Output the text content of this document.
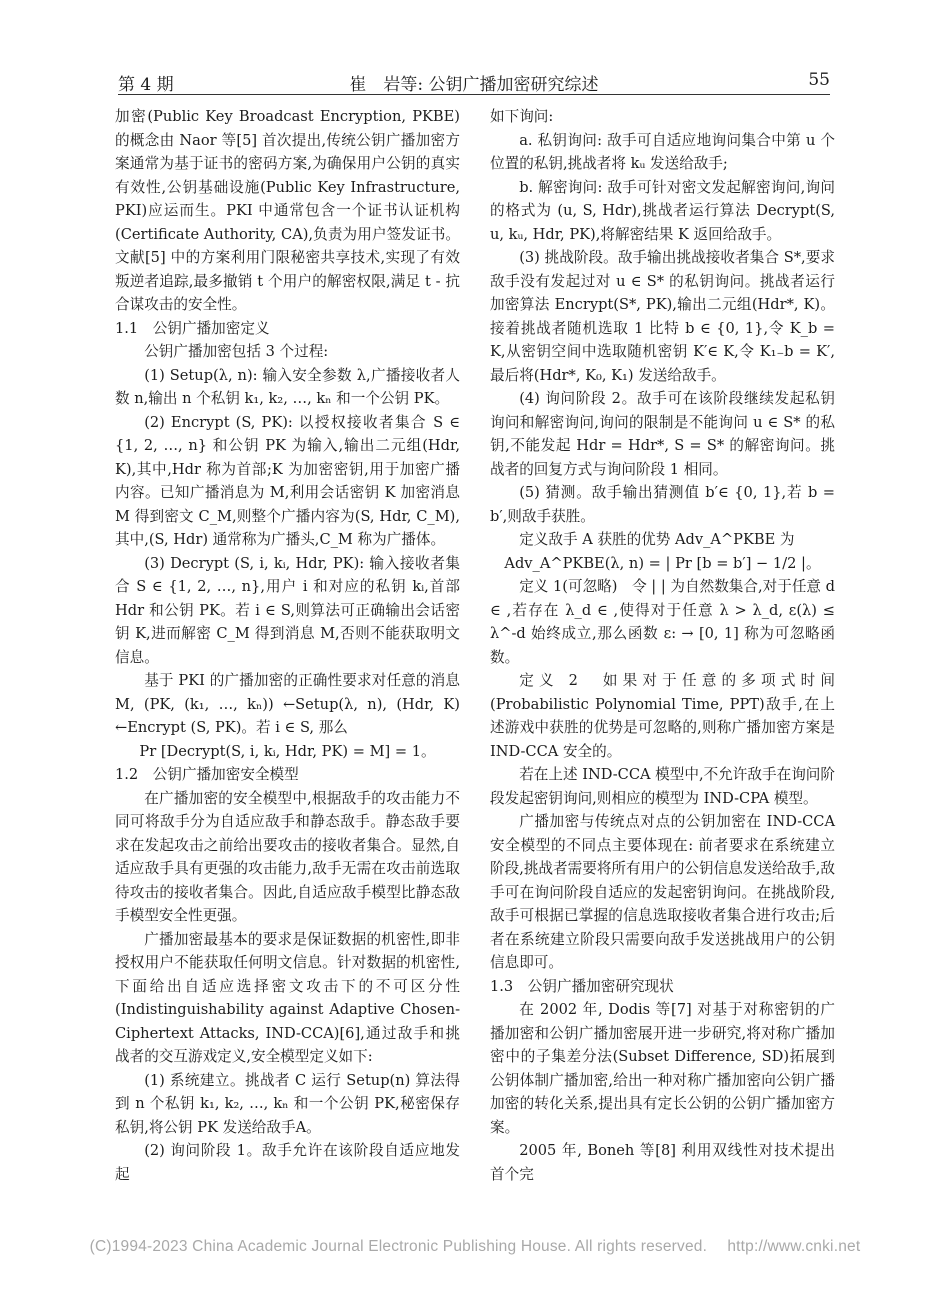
第 4 期	崔　岩等: 公钥广播加密研究综述	55

加密(Public Key Broadcast Encryption, PKBE)的概念由 Naor 等[5] 首次提出,传统公钥广播加密方案通常为基于证书的密码方案,为确保用户公钥的真实有效性,公钥基础设施(Public Key Infrastructure, PKI)应运而生。PKI 中通常包含一个证书认证机构(Certificate Authority, CA),负责为用户签发证书。文献[5] 中的方案利用门限秘密共享技术,实现了有效叛逆者追踪,最多撤销 t 个用户的解密权限,满足 t - 抗合谋攻击的安全性。

1.1　公钥广播加密定义

公钥广播加密包括 3 个过程:

(1) Setup(λ, n): 输入安全参数 λ,广播接收者人数 n,输出 n 个私钥 k₁, k₂, …, kₙ 和一个公钥 PK。

(2) Encrypt (S, PK): 以授权接收者集合 S ∈ {1, 2, …, n} 和公钥 PK 为输入,输出二元组(Hdr, K),其中,Hdr 称为首部;K 为加密密钥,用于加密广播内容。已知广播消息为 M,利用会话密钥 K 加密消息 M 得到密文 C_M,则整个广播内容为(S, Hdr, C_M),其中,(S, Hdr) 通常称为广播头,C_M 称为广播体。

(3) Decrypt (S, i, kᵢ, Hdr, PK): 输入接收者集合 S ∈ {1, 2, …, n},用户 i 和对应的私钥 kᵢ,首部 Hdr 和公钥 PK。若 i ∈ S,则算法可正确输出会话密钥 K,进而解密 C_M 得到消息 M,否则不能获取明文信息。

基于 PKI 的广播加密的正确性要求对任意的消息 M, (PK, (k₁, …, kₙ)) ←Setup(λ, n), (Hdr, K) ←Encrypt (S, PK)。若 i ∈ S, 那么

Pr [Decrypt(S, i, kᵢ, Hdr, PK) = M] = 1。

1.2　公钥广播加密安全模型

在广播加密的安全模型中,根据敌手的攻击能力不同可将敌手分为自适应敌手和静态敌手。静态敌手要求在发起攻击之前给出要攻击的接收者集合。显然,自适应敌手具有更强的攻击能力,敌手无需在攻击前选取待攻击的接收者集合。因此,自适应敌手模型比静态敌手模型安全性更强。

广播加密最基本的要求是保证数据的机密性,即非授权用户不能获取任何明文信息。针对数据的机密性,下面给出自适应选择密文攻击下的不可区分性(Indistinguishability against Adaptive Chosen-Ciphertext Attacks, IND-CCA)[6],通过敌手和挑战者的交互游戏定义,安全模型定义如下:

(1) 系统建立。挑战者 C 运行 Setup(n) 算法得到 n 个私钥 k₁, k₂, …, kₙ 和一个公钥 PK,秘密保存私钥,将公钥 PK 发送给敌手A。

(2) 询问阶段 1。敌手允许在该阶段自适应地发起

如下询问:

a. 私钥询问: 敌手可自适应地询问集合中第 u 个位置的私钥,挑战者将 kᵤ 发送给敌手;

b. 解密询问: 敌手可针对密文发起解密询问,询问的格式为 (u, S, Hdr),挑战者运行算法 Decrypt(S, u, kᵤ, Hdr, PK),将解密结果 K 返回给敌手。

(3) 挑战阶段。敌手输出挑战接收者集合 S*,要求敌手没有发起过对 u ∈ S* 的私钥询问。挑战者运行加密算法 Encrypt(S*, PK),输出二元组(Hdr*, K)。接着挑战者随机选取 1 比特 b ∈ {0, 1},令 K_b = K,从密钥空间中选取随机密钥 K′∈ K,令 K₁₋b = K′,最后将(Hdr*, K₀, K₁) 发送给敌手。

(4) 询问阶段 2。敌手可在该阶段继续发起私钥询问和解密询问,询问的限制是不能询问 u ∈ S* 的私钥,不能发起 Hdr = Hdr*, S = S* 的解密询问。挑战者的回复方式与询问阶段 1 相同。

(5) 猜测。敌手输出猜测值 b′∈ {0, 1},若 b = b′,则敌手获胜。

定义敌手 A 获胜的优势 Adv_A^PKBE 为

Adv_A^PKBE(λ, n) = | Pr [b = b′] − 1/2 |。

定义 1(可忽略)　令 | | 为自然数集合,对于任意 d ∈ ,若存在 λ_d ∈ ,使得对于任意 λ > λ_d, ε(λ) ≤ λ^-d 始终成立,那么函数 ε: → [0, 1] 称为可忽略函数。

定义 2　如果对于任意的多项式时间(Probabilistic Polynomial Time, PPT)敌手,在上述游戏中获胜的优势是可忽略的,则称广播加密方案是 IND-CCA 安全的。

若在上述 IND-CCA 模型中,不允许敌手在询问阶段发起密钥询问,则相应的模型为 IND-CPA 模型。

广播加密与传统点对点的公钥加密在 IND-CCA 安全模型的不同点主要体现在: 前者要求在系统建立阶段,挑战者需要将所有用户的公钥信息发送给敌手,敌手可在询问阶段自适应的发起密钥询问。在挑战阶段,敌手可根据已掌握的信息选取接收者集合进行攻击;后者在系统建立阶段只需要向敌手发送挑战用户的公钥信息即可。

1.3　公钥广播加密研究现状

在 2002 年, Dodis 等[7] 对基于对称密钥的广播加密和公钥广播加密展开进一步研究,将对称广播加密中的子集差分法(Subset Difference, SD)拓展到公钥体制广播加密,给出一种对称广播加密向公钥广播加密的转化关系,提出具有定长公钥的公钥广播加密方案。

2005 年, Boneh 等[8] 利用双线性对技术提出首个完

(C)1994-2023 China Academic Journal Electronic Publishing House. All rights reserved.　 http://www.cnki.net
